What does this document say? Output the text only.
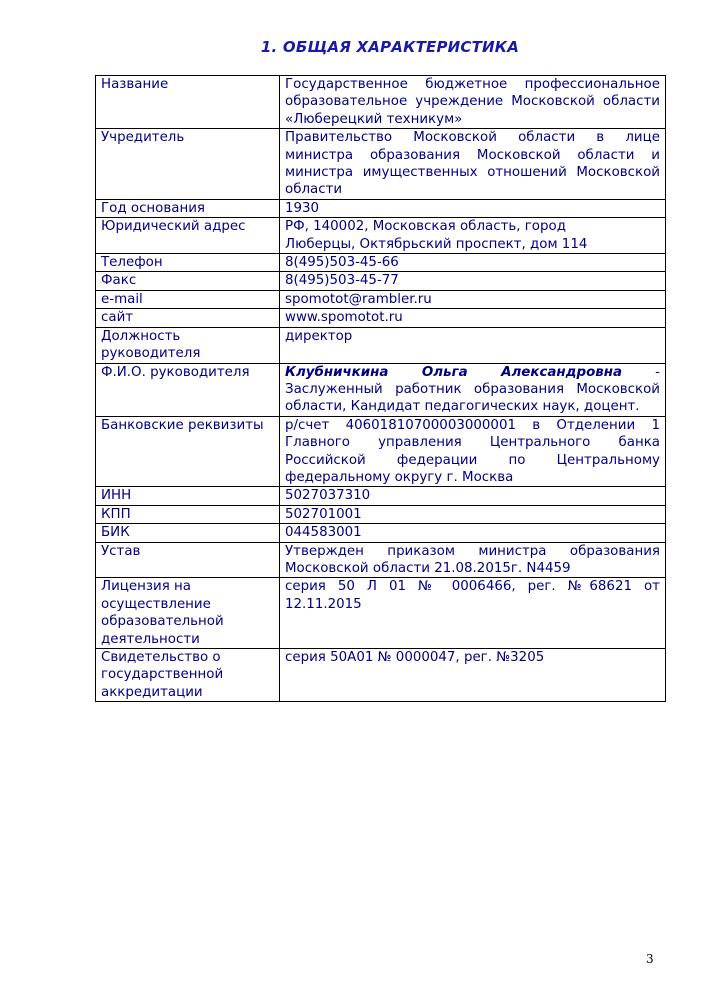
1. ОБЩАЯ ХАРАКТЕРИСТИКА
Название	Государственное бюджетное профессиональное образовательное учреждение Московской области «Люберецкий техникум»
Учредитель	Правительство Московской области в лице министра образования Московской области и министра имущественных отношений Московской области
Год основания	1930
Юридический адрес	РФ, 140002, Московская область, город
Люберцы, Октябрьский проспект, дом 114

Телефон	8(495)503-45-66
Факс	8(495)503-45-77
e-mail	spomotot@rambler.ru
сайт	www.spomotot.ru
Должность руководителя	директор
Ф.И.О. руководителя	Клубничкина Ольга Александровна - Заслуженный работник образования Московской области, Кандидат педагогических наук, доцент.
Банковские реквизиты	р/счет 40601810700003000001 в Отделении 1 Главного управления Центрального банка Российской федерации по Центральному федеральному округу г. Москва
ИНН	5027037310
КПП	502701001
БИК	044583001
Устав	Утвержден приказом министра образования Московской области 21.08.2015г. N4459
Лицензия на осуществление образовательной деятельности	серия 50 Л 01 № 0006466, рег. №68621 от 12.11.2015
Свидетельство о государственной аккредитации	серия 50А01 № 0000047, рег. №3205
3
